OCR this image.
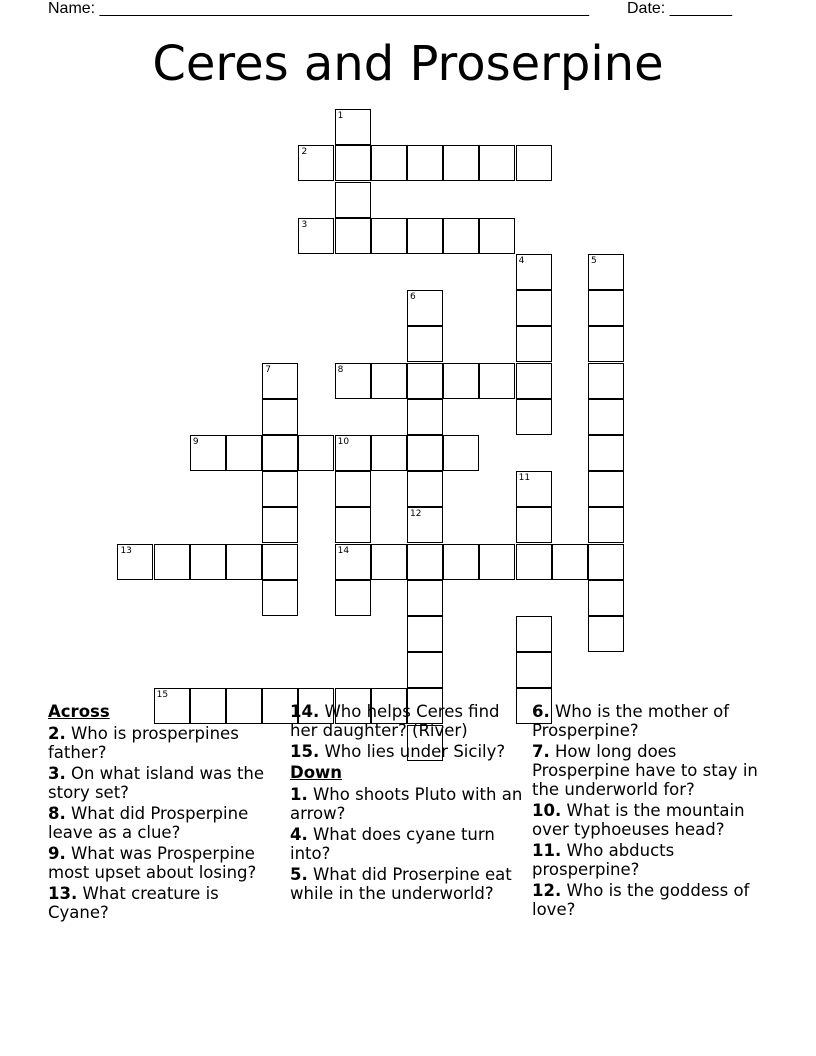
Name: _______________________________________________________ Date: _______
Ceres and Proserpine
1
2
3
4	5
6
8
7
9	10
14
13
15
11
12
Across
2. Who is prosperpines father?
3. On what island was the story set?
8. What did Prosperpine leave as a clue?
9. What was Prosperpine most upset about losing?
13. What creature is Cyane?
14. Who helps Ceres find her daughter? (River)
15. Who lies under Sicily?
Down
1. Who shoots Pluto with an arrow?
4. What does cyane turn into?
5. What did Proserpine eat while in the underworld?
6. Who is the mother of Prosperpine?
7. How long does Prosperpine have to stay in the underworld for?
10. What is the mountain over typhoeuses head?
11. Who abducts prosperpine?
12. Who is the goddess of love?
